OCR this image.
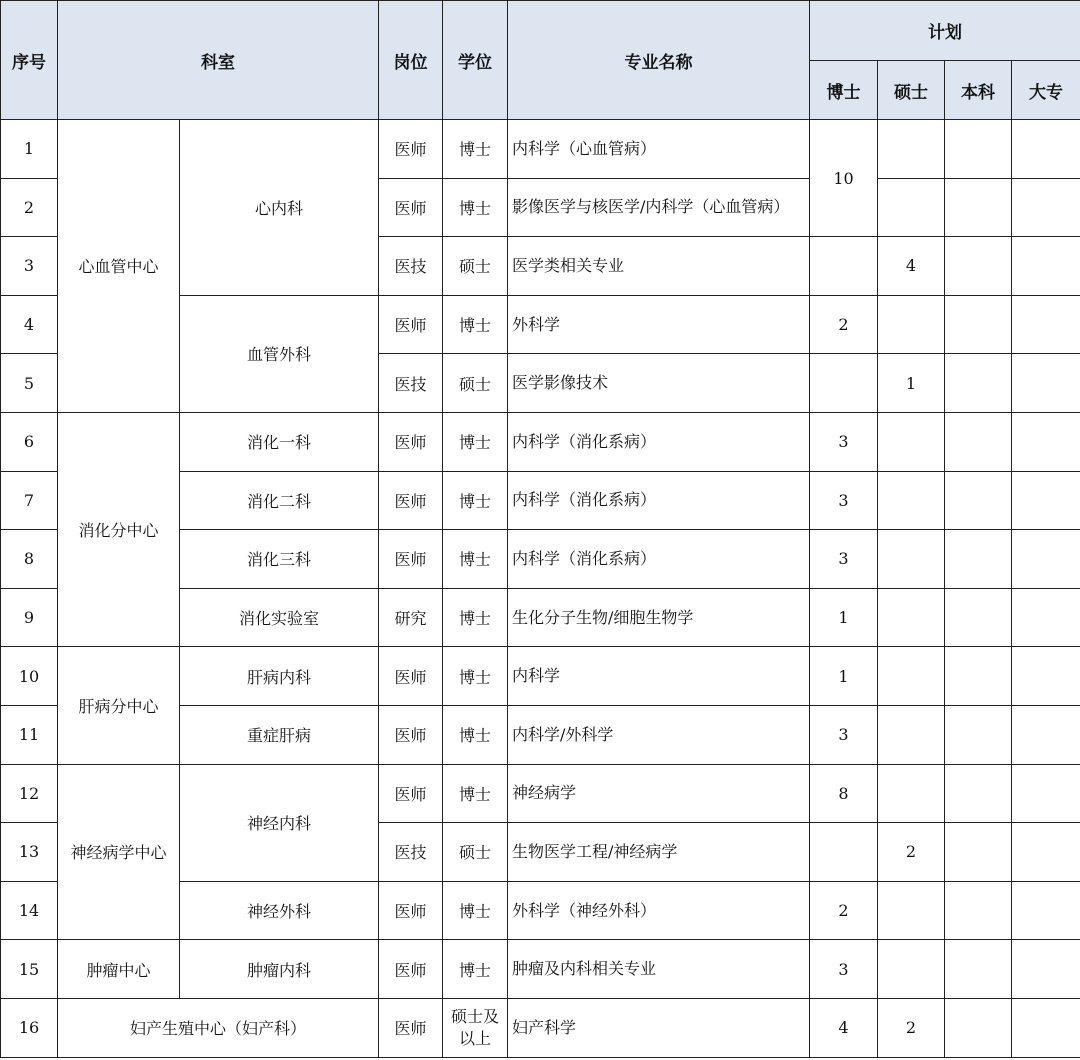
序号	科室		岗位	学位	专业名称	计划			
						博士	硕士	本科	大专
1	心血管中心	心内科	医师	博士	内科学（心血管病）	10			
2			医师	博士	影像医学与核医学/内科学（心血管病）				
3			医技	硕士	医学类相关专业		4		
4		血管外科	医师	博士	外科学	2			
5			医技	硕士	医学影像技术		1		
6	消化分中心	消化一科	医师	博士	内科学（消化系病）	3			
7		消化二科	医师	博士	内科学（消化系病）	3			
8		消化三科	医师	博士	内科学（消化系病）	3			
9		消化实验室	研究	博士	生化分子生物/细胞生物学	1			
10	肝病分中心	肝病内科	医师	博士	内科学	1			
11		重症肝病	医师	博士	内科学/外科学	3			
12	神经病学中心	神经内科	医师	博士	神经病学	8			
13			医技	硕士	生物医学工程/神经病学		2		
14		神经外科	医师	博士	外科学（神经外科）	2			
15	肿瘤中心	肿瘤内科	医师	博士	肿瘤及内科相关专业	3			
16	妇产生殖中心（妇产科）		医师	硕士及以上	妇产科学	4	2		
